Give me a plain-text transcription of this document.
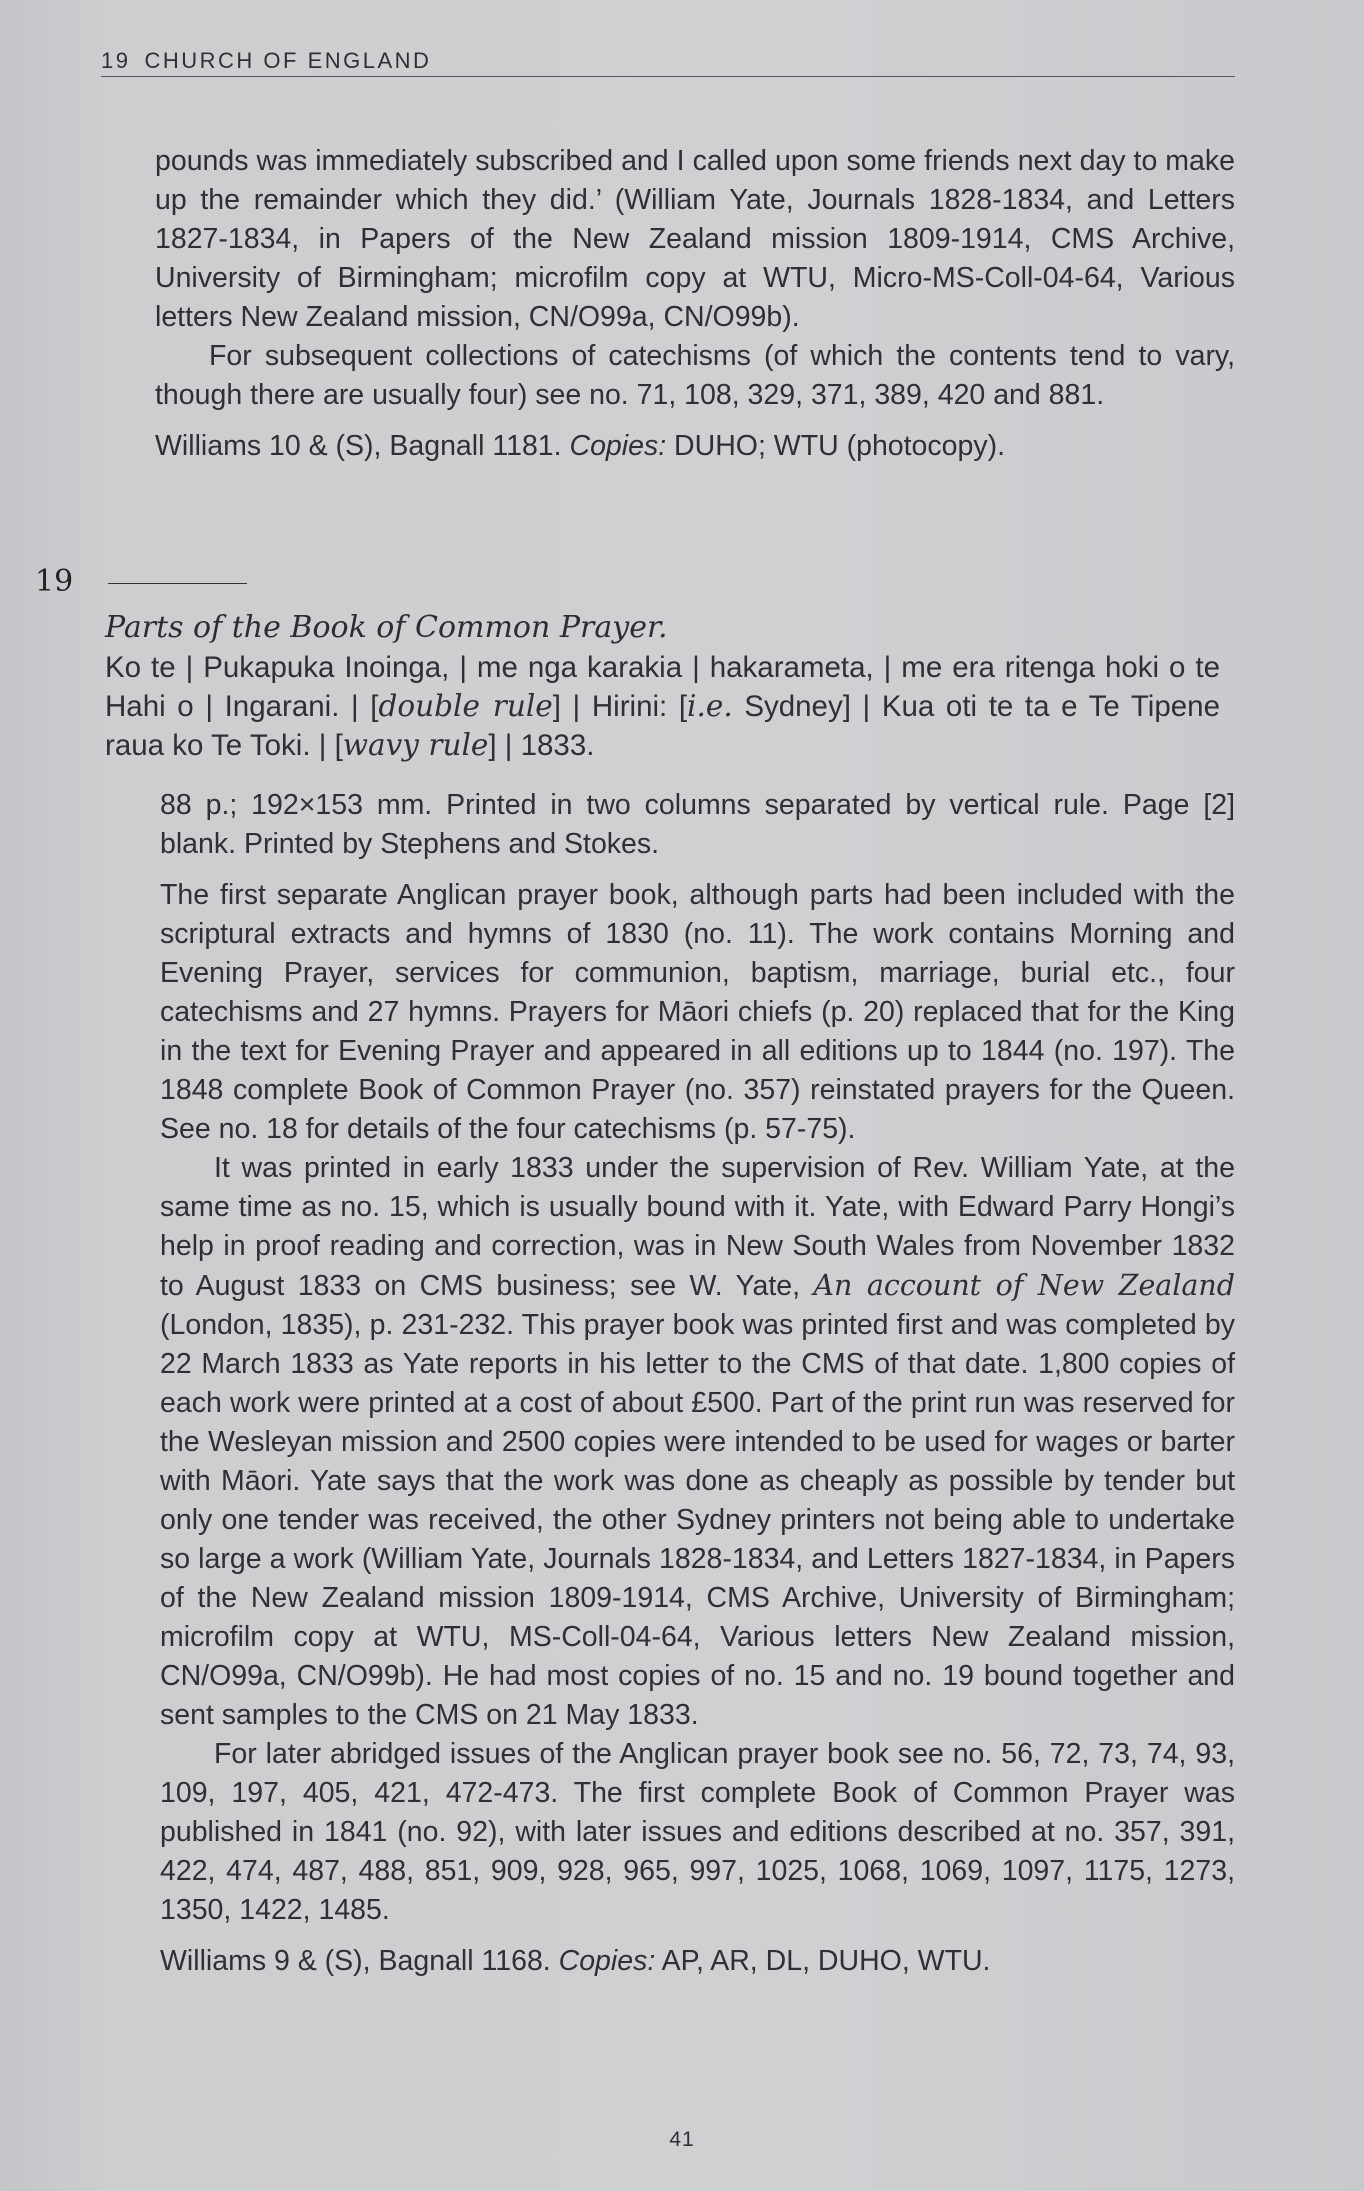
19 CHURCH OF ENGLAND

pounds was immediately subscribed and I called upon some friends next day to make up the remainder which they did.’ (William Yate, Journals 1828-1834, and Letters 1827-1834, in Papers of the New Zealand mission 1809-1914, CMS Archive, University of Birmingham; microfilm copy at WTU, Micro-MS-Coll-04-64, Various letters New Zealand mission, CN/O99a, CN/O99b).

For subsequent collections of catechisms (of which the contents tend to vary, though there are usually four) see no. 71, 108, 329, 371, 389, 420 and 881.

Williams 10 & (S), Bagnall 1181. Copies: DUHO; WTU (photocopy).

19
Parts of the Book of Common Prayer.
Ko te | Pukapuka Inoinga, | me nga karakia | hakarameta, | me era ritenga hoki o te Hahi o | Ingarani. | [double rule] | Hirini: [i.e. Sydney] | Kua oti te ta e Te Tipene raua ko Te Toki. | [wavy rule] | 1833.

88 p.; 192×153 mm. Printed in two columns separated by vertical rule. Page [2] blank. Printed by Stephens and Stokes.

The first separate Anglican prayer book, although parts had been included with the scriptural extracts and hymns of 1830 (no. 11). The work contains Morning and Evening Prayer, services for communion, baptism, marriage, burial etc., four catechisms and 27 hymns. Prayers for Māori chiefs (p. 20) replaced that for the King in the text for Evening Prayer and appeared in all editions up to 1844 (no. 197). The 1848 complete Book of Common Prayer (no. 357) reinstated prayers for the Queen. See no. 18 for details of the four catechisms (p. 57-75).

It was printed in early 1833 under the supervision of Rev. William Yate, at the same time as no. 15, which is usually bound with it. Yate, with Edward Parry Hongi’s help in proof reading and correction, was in New South Wales from November 1832 to August 1833 on CMS business; see W. Yate, An account of New Zealand (London, 1835), p. 231-232. This prayer book was printed first and was completed by 22 March 1833 as Yate reports in his letter to the CMS of that date. 1,800 copies of each work were printed at a cost of about £500. Part of the print run was reserved for the Wesleyan mission and 2500 copies were intended to be used for wages or barter with Māori. Yate says that the work was done as cheaply as possible by tender but only one tender was received, the other Sydney printers not being able to undertake so large a work (William Yate, Journals 1828-1834, and Letters 1827-1834, in Papers of the New Zealand mission 1809-1914, CMS Archive, University of Birmingham; microfilm copy at WTU, MS-Coll-04-64, Various letters New Zealand mission, CN/O99a, CN/O99b). He had most copies of no. 15 and no. 19 bound together and sent samples to the CMS on 21 May 1833.

For later abridged issues of the Anglican prayer book see no. 56, 72, 73, 74, 93, 109, 197, 405, 421, 472-473. The first complete Book of Common Prayer was published in 1841 (no. 92), with later issues and editions described at no. 357, 391, 422, 474, 487, 488, 851, 909, 928, 965, 997, 1025, 1068, 1069, 1097, 1175, 1273, 1350, 1422, 1485.

Williams 9 & (S), Bagnall 1168. Copies: AP, AR, DL, DUHO, WTU.

41
